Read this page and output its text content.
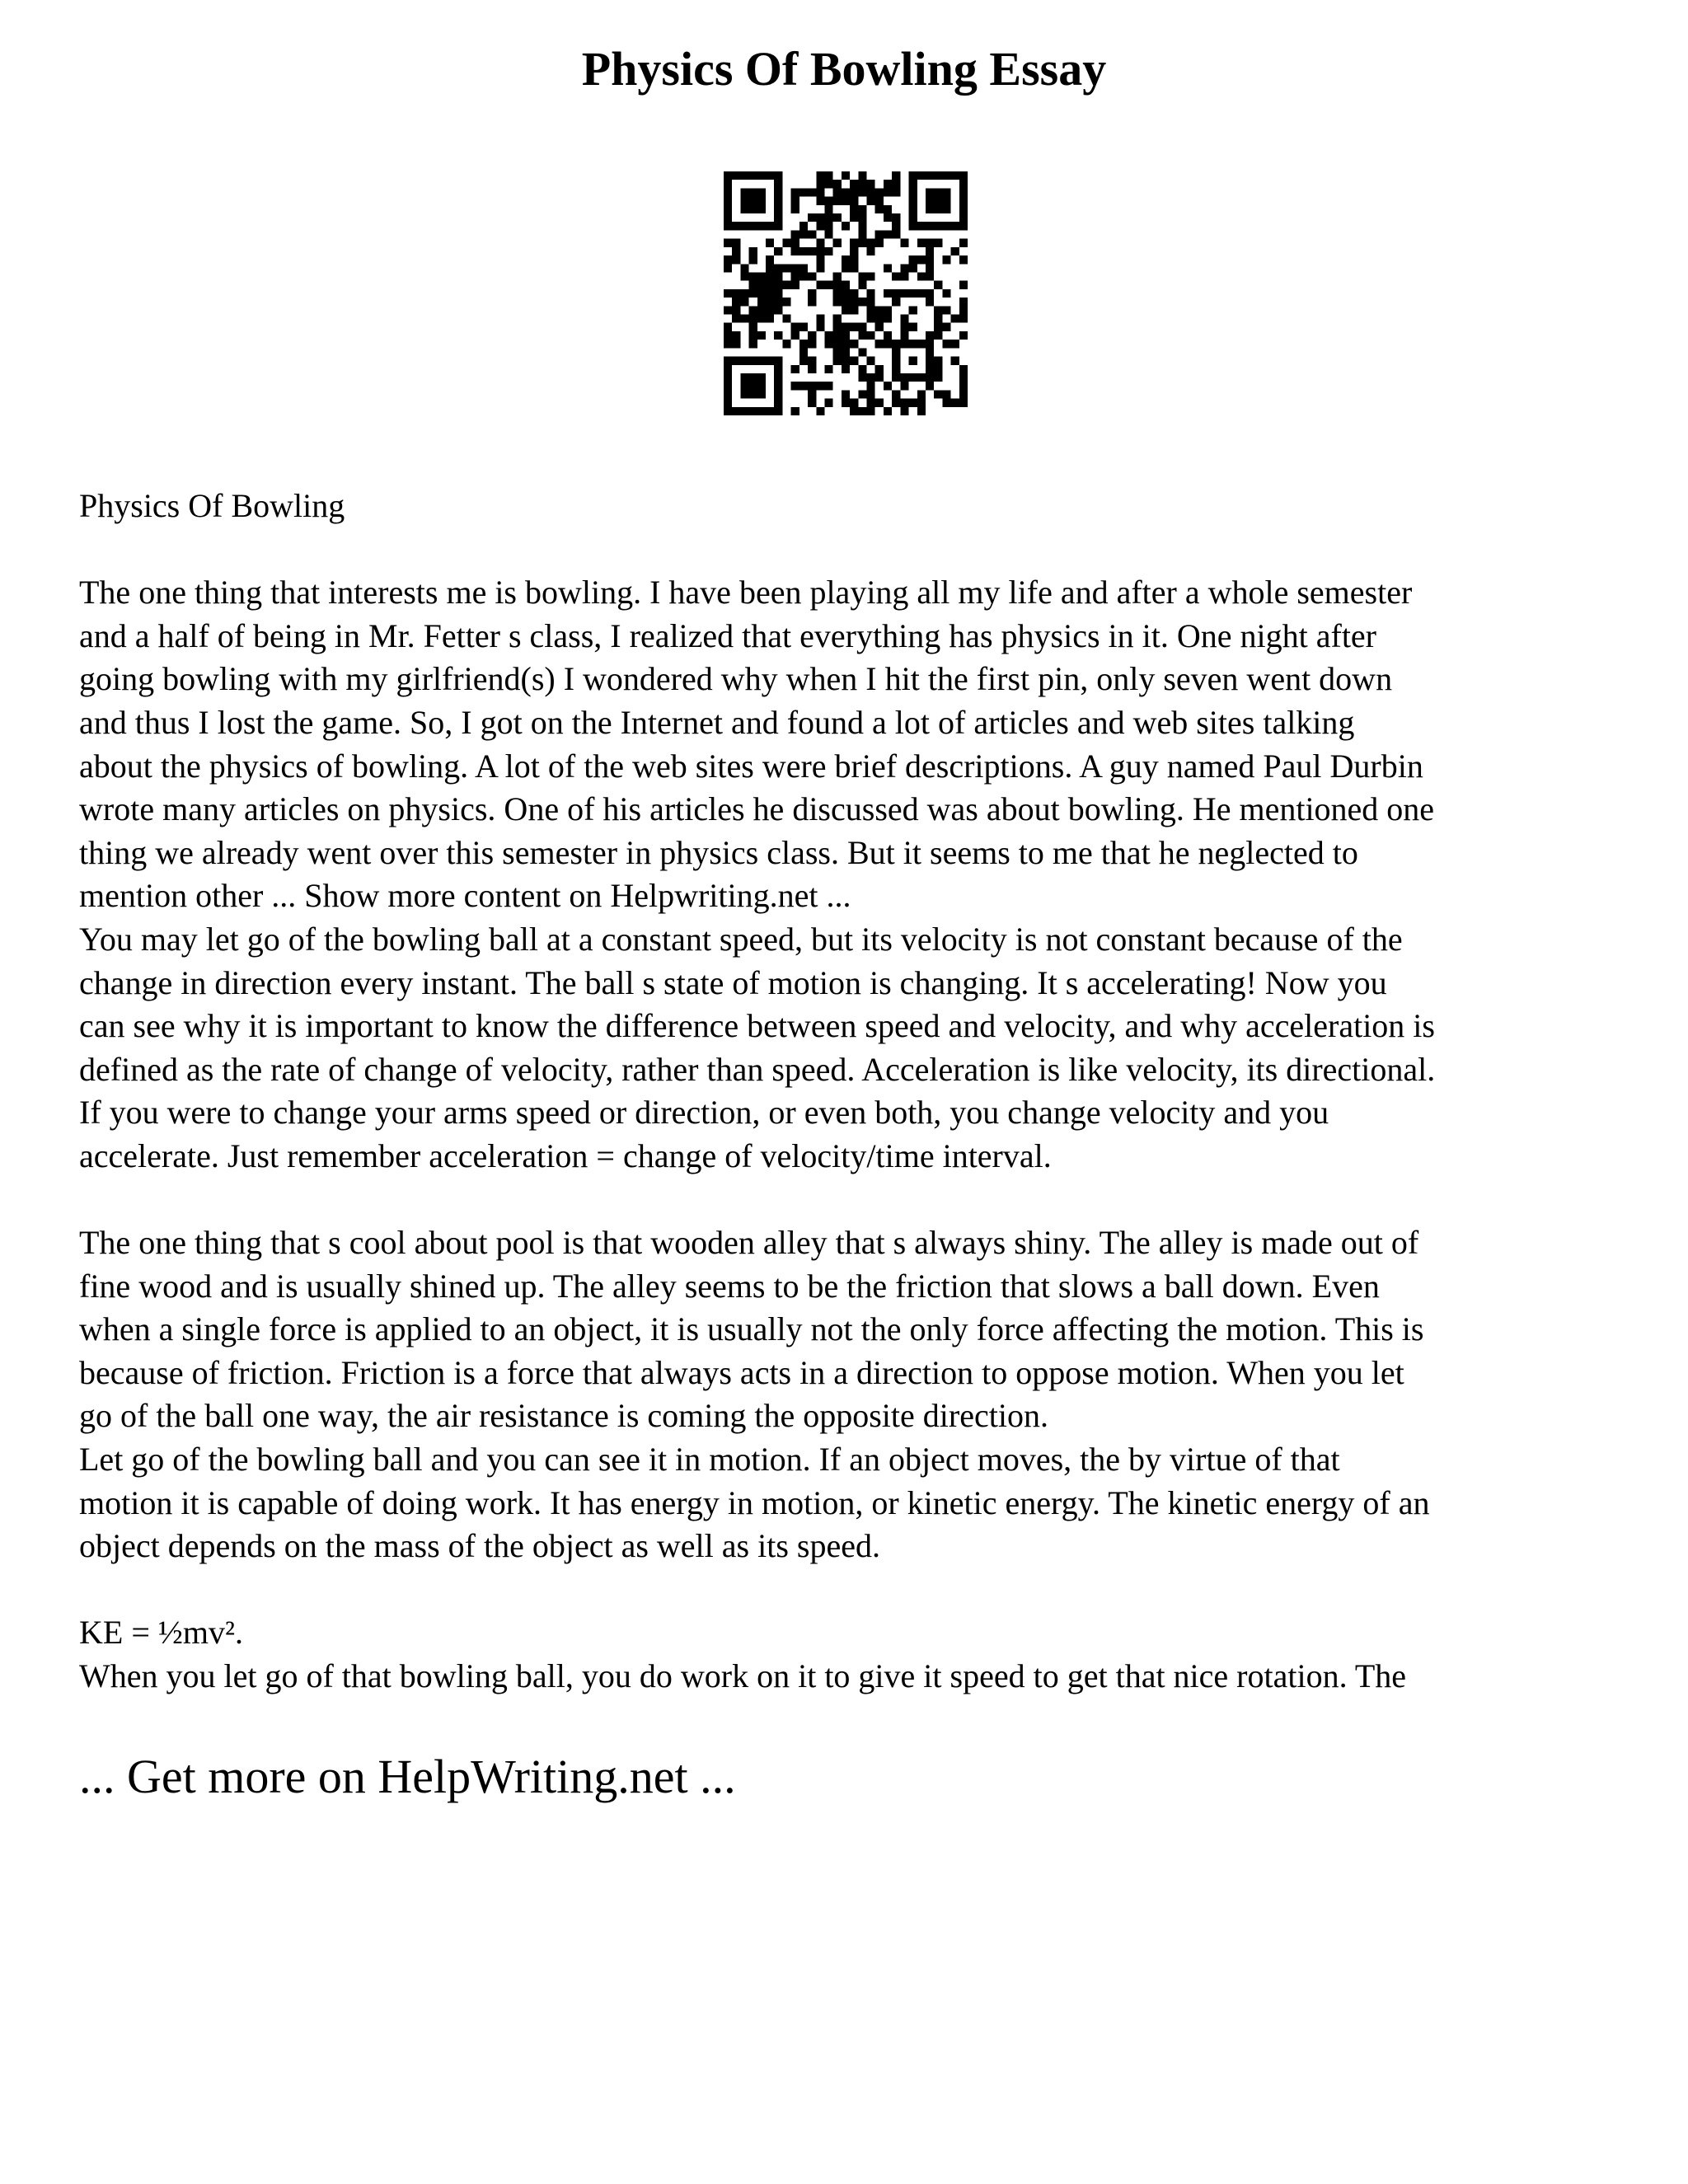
Physics Of Bowling Essay

Physics Of Bowling

The one thing that interests me is bowling. I have been playing all my life and after a whole semester

and a half of being in Mr. Fetter s class, I realized that everything has physics in it. One night after

going bowling with my girlfriend(s) I wondered why when I hit the first pin, only seven went down

and thus I lost the game. So, I got on the Internet and found a lot of articles and web sites talking

about the physics of bowling. A lot of the web sites were brief descriptions. A guy named Paul Durbin

wrote many articles on physics. One of his articles he discussed was about bowling. He mentioned one

thing we already went over this semester in physics class. But it seems to me that he neglected to

mention other ... Show more content on Helpwriting.net ...

You may let go of the bowling ball at a constant speed, but its velocity is not constant because of the

change in direction every instant. The ball s state of motion is changing. It s accelerating! Now you

can see why it is important to know the difference between speed and velocity, and why acceleration is

defined as the rate of change of velocity, rather than speed. Acceleration is like velocity, its directional.

If you were to change your arms speed or direction, or even both, you change velocity and you

accelerate. Just remember acceleration = change of velocity/time interval.

The one thing that s cool about pool is that wooden alley that s always shiny. The alley is made out of

fine wood and is usually shined up. The alley seems to be the friction that slows a ball down. Even

when a single force is applied to an object, it is usually not the only force affecting the motion. This is

because of friction. Friction is a force that always acts in a direction to oppose motion. When you let

go of the ball one way, the air resistance is coming the opposite direction.

Let go of the bowling ball and you can see it in motion. If an object moves, the by virtue of that

motion it is capable of doing work. It has energy in motion, or kinetic energy. The kinetic energy of an

object depends on the mass of the object as well as its speed.

KE = ½mv².

When you let go of that bowling ball, you do work on it to give it speed to get that nice rotation. The

... Get more on HelpWriting.net ...
